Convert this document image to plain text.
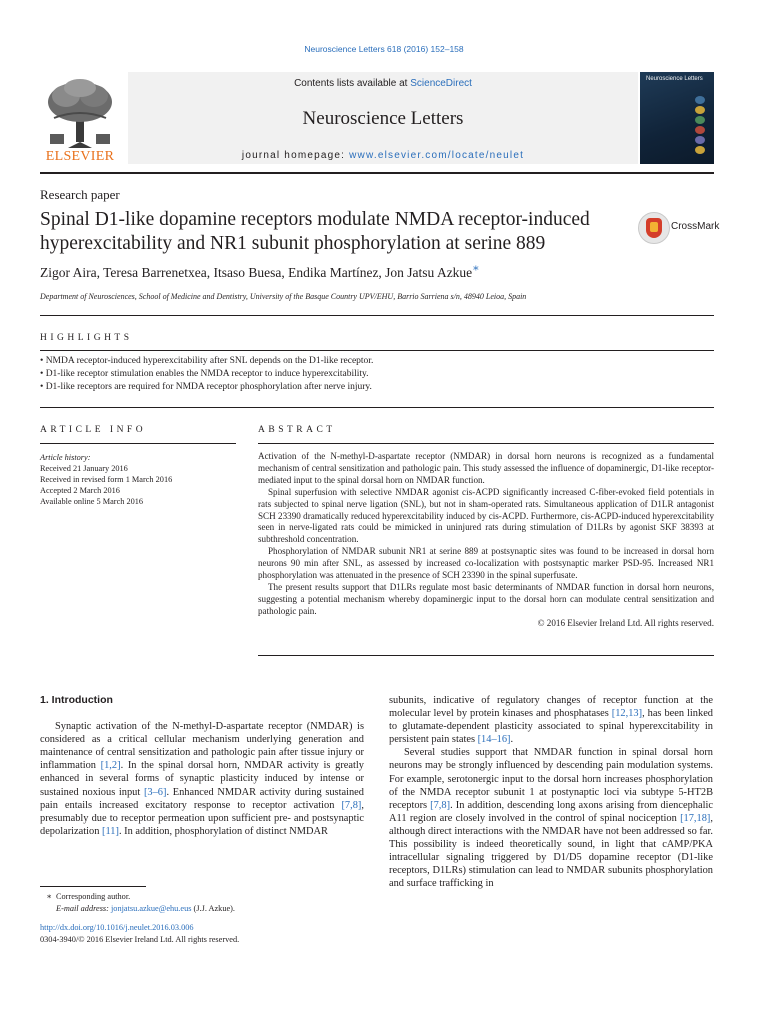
Neuroscience Letters 618 (2016) 152–158
ELSEVIER
Contents lists available at ScienceDirect
Neuroscience Letters
journal homepage: www.elsevier.com/locate/neulet
Neuroscience Letters
Research paper
Spinal D1-like dopamine receptors modulate NMDA receptor-induced hyperexcitability and NR1 subunit phosphorylation at serine 889
CrossMark
Zigor Aira, Teresa Barrenetxea, Itsaso Buesa, Endika Martínez, Jon Jatsu Azkue∗
Department of Neurosciences, School of Medicine and Dentistry, University of the Basque Country UPV/EHU, Barrio Sarriena s/n, 48940 Leioa, Spain
HIGHLIGHTS
• NMDA receptor-induced hyperexcitability after SNL depends on the D1-like receptor.
• D1-like receptor stimulation enables the NMDA receptor to induce hyperexcitability.
• D1-like receptors are required for NMDA receptor phosphorylation after nerve injury.
ARTICLE INFO
Article history:
Received 21 January 2016
Received in revised form 1 March 2016
Accepted 2 March 2016
Available online 5 March 2016
ABSTRACT

Activation of the N-methyl-D-aspartate receptor (NMDAR) in dorsal horn neurons is recognized as a fundamental mechanism of central sensitization and pathologic pain. This study assessed the influence of dopaminergic, D1-like receptor-mediated input to the spinal dorsal horn on NMDAR function.

Spinal superfusion with selective NMDAR agonist cis-ACPD significantly increased C-fiber-evoked field potentials in rats subjected to spinal nerve ligation (SNL), but not in sham-operated rats. Simultaneous application of D1LR antagonist SCH 23390 dramatically reduced hyperexcitability induced by cis-ACPD. Furthermore, cis-ACPD-induced hyperexcitability seen in nerve-ligated rats could be mimicked in uninjured rats during stimulation of D1LRs by agonist SKF 38393 at subthreshold concentration.

Phosphorylation of NMDAR subunit NR1 at serine 889 at postsynaptic sites was found to be increased in dorsal horn neurons 90 min after SNL, as assessed by increased co-localization with postsynaptic marker PSD-95. Increased NR1 phosphorylation was attenuated in the presence of SCH 23390 in the spinal superfusate.

The present results support that D1LRs regulate most basic determinants of NMDAR function in dorsal horn neurons, suggesting a potential mechanism whereby dopaminergic input to the dorsal horn can modulate central sensitization and pathologic pain.

© 2016 Elsevier Ireland Ltd. All rights reserved.
1. Introduction

Synaptic activation of the N-methyl-D-aspartate receptor (NMDAR) is considered as a critical cellular mechanism underlying generation and maintenance of central sensitization and pathologic pain after tissue injury or inflammation [1,2]. In the spinal dorsal horn, NMDAR activity is greatly enhanced in several forms of synaptic plasticity induced by intense or sustained noxious input [3–6]. Enhanced NMDAR activity during sustained pain entails increased excitatory response to receptor activation [7,8], presumably due to receptor permeation upon sufficient pre- and postsynaptic depolarization [11]. In addition, phosphorylation of distinct NMDAR

subunits, indicative of regulatory changes of receptor function at the molecular level by protein kinases and phosphatases [12,13], has been linked to glutamate-dependent plasticity associated to spinal hyperexcitability in persistent pain states [14–16].

Several studies support that NMDAR function in spinal dorsal horn neurons may be strongly influenced by descending pain modulation systems. For example, serotonergic input to the dorsal horn increases phosphorylation of the NMDA receptor subunit 1 at postynaptic loci via subtype 5-HT2B receptors [7,8]. In addition, descending long axons arising from diencephalic A11 region are closely involved in the control of spinal nociception [17,18], although direct interactions with the NMDAR have not been addressed so far. This possibility is indeed theoretically sound, in light that cAMP/PKA intracellular signaling triggered by D1/D5 dopamine receptor (D1-like receptors, D1LRs) stimulation can lead to NMDAR subunits phosphorylation and surface trafficking in

∗ Corresponding author.
E-mail address: jonjatsu.azkue@ehu.eus (J.J. Azkue).
http://dx.doi.org/10.1016/j.neulet.2016.03.006
0304-3940/© 2016 Elsevier Ireland Ltd. All rights reserved.
